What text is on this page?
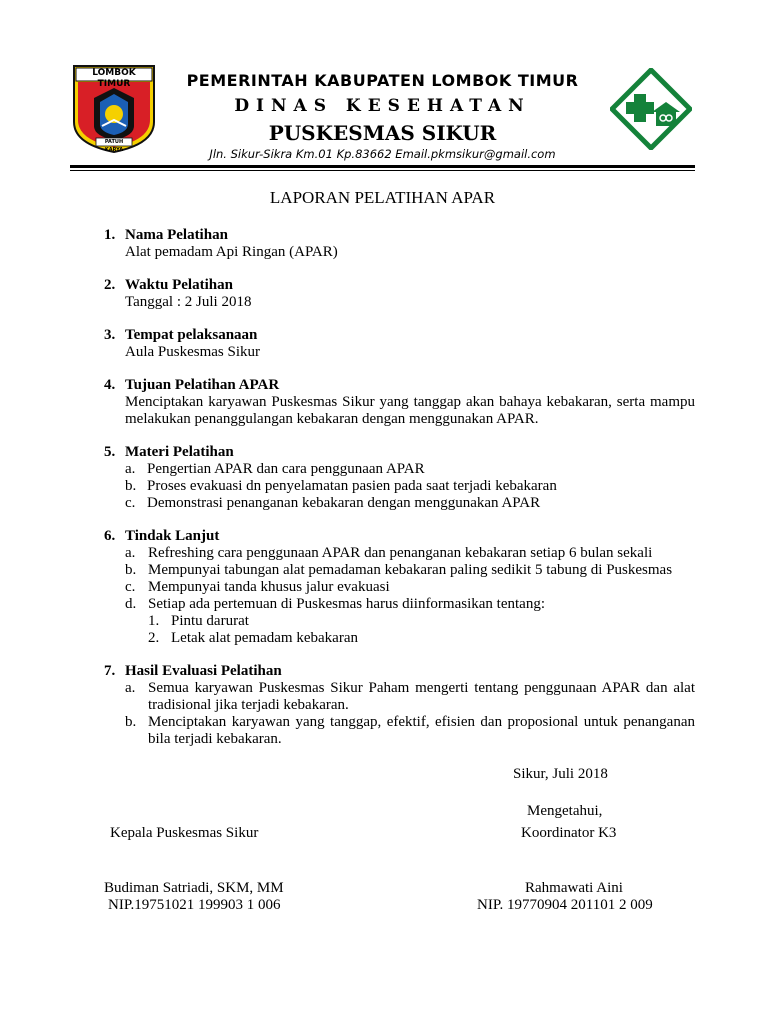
LOMBOK TIMUR
PATUH KARYA
PEMERINTAH KABUPATEN LOMBOK TIMUR
DINAS KESEHATAN
PUSKESMAS SIKUR
Jln. Sikur-Sikra Km.01 Kp.83662 Email.pkmsikur@gmail.com
LAPORAN PELATIHAN APAR
1. Nama Pelatihan
Alat pemadam Api Ringan (APAR)
2. Waktu Pelatihan
Tanggal : 2 Juli 2018
3. Tempat pelaksanaan
Aula Puskesmas Sikur
4. Tujuan Pelatihan APAR
Menciptakan karyawan Puskesmas Sikur yang tanggap akan bahaya kebakaran, serta mampu melakukan penanggulangan kebakaran dengan menggunakan APAR.
5. Materi Pelatihan
a. Pengertian APAR dan cara penggunaan APAR
b. Proses evakuasi dn penyelamatan pasien pada saat terjadi kebakaran
c. Demonstrasi penanganan kebakaran dengan menggunakan APAR
6. Tindak Lanjut
a. Refreshing cara penggunaan APAR dan penanganan kebakaran setiap 6 bulan sekali
b. Mempunyai tabungan alat pemadaman kebakaran paling sedikit 5 tabung di Puskesmas
c. Mempunyai tanda khusus jalur evakuasi
d. Setiap ada pertemuan di Puskesmas harus diinformasikan tentang:
1. Pintu darurat
2. Letak alat pemadam kebakaran
7. Hasil Evaluasi Pelatihan
a. Semua karyawan Puskesmas Sikur Paham mengerti tentang penggunaan APAR dan alat tradisional jika terjadi kebakaran.
b. Menciptakan karyawan yang tanggap, efektif, efisien dan proposional untuk penanganan bila terjadi kebakaran.
Sikur, Juli 2018
Mengetahui,
Kepala Puskesmas Sikur	Koordinator K3
Budiman Satriadi, SKM, MM	Rahmawati Aini
NIP.19751021 199903 1 006	NIP. 19770904 201101 2 009
